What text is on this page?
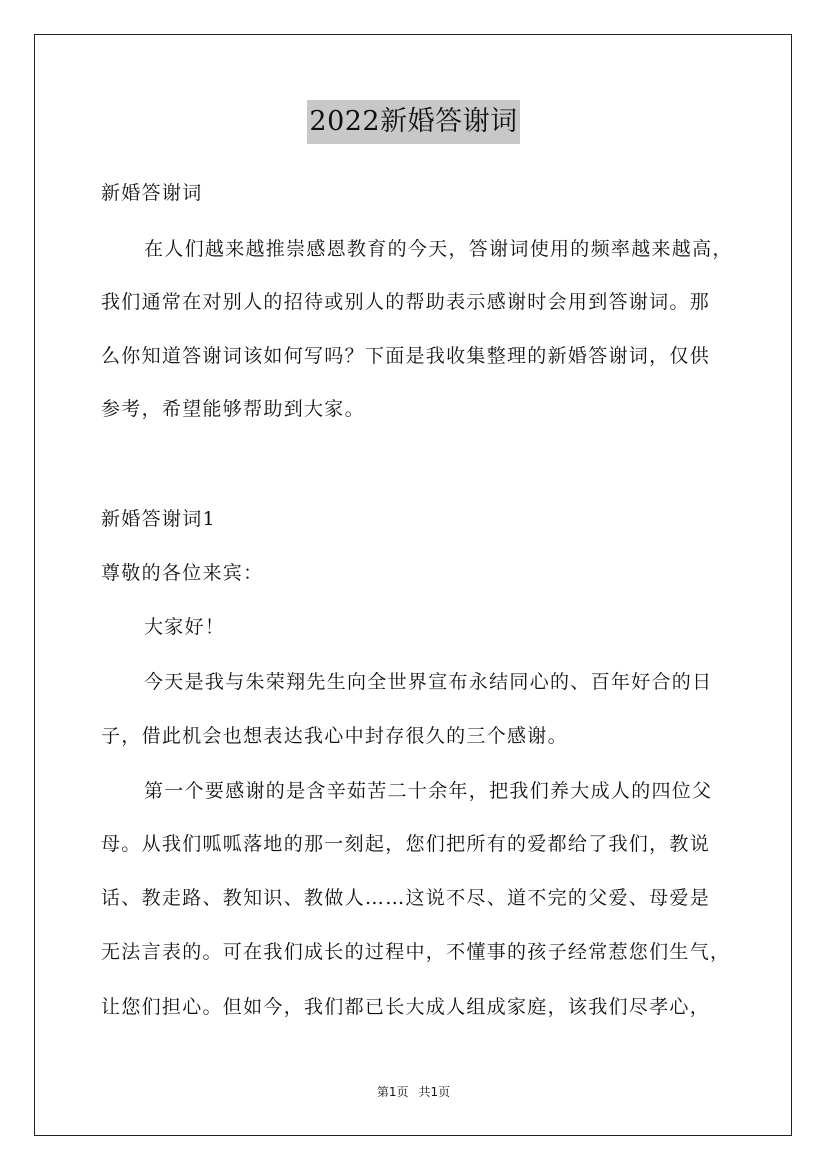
2022新婚答谢词
新婚答谢词
在人们越来越推崇感恩教育的今天，答谢词使用的频率越来越高，
我们通常在对别人的招待或别人的帮助表示感谢时会用到答谢词。那
么你知道答谢词该如何写吗？下面是我收集整理的新婚答谢词，仅供
参考，希望能够帮助到大家。
新婚答谢词1
尊敬的各位来宾：
大家好！
今天是我与朱荣翔先生向全世界宣布永结同心的、百年好合的日
子，借此机会也想表达我心中封存很久的三个感谢。
第一个要感谢的是含辛茹苦二十余年，把我们养大成人的四位父
母。从我们呱呱落地的那一刻起，您们把所有的爱都给了我们，教说
话、教走路、教知识、教做人……这说不尽、道不完的父爱、母爱是
无法言表的。可在我们成长的过程中，不懂事的孩子经常惹您们生气，
让您们担心。但如今，我们都已长大成人组成家庭，该我们尽孝心，
第1页 共1页
